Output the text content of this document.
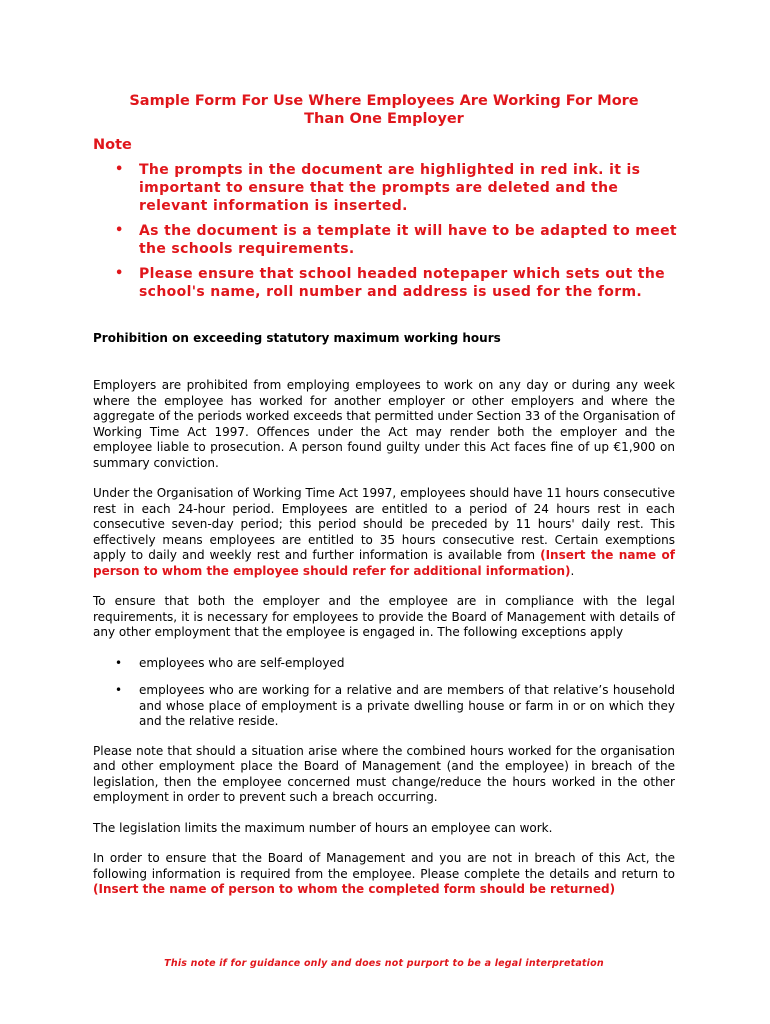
Sample Form For Use Where Employees Are Working For More
Than One Employer
Note
• The prompts in the document are highlighted in red ink. it is important to ensure that the prompts are deleted and the relevant information is inserted.
• As the document is a template it will have to be adapted to meet the schools requirements.
• Please ensure that school headed notepaper which sets out the school's name, roll number and address is used for the form.
Prohibition on exceeding statutory maximum working hours

Employers are prohibited from employing employees to work on any day or during any week where the employee has worked for another employer or other employers and where the aggregate of the periods worked exceeds that permitted under Section 33 of the Organisation of Working Time Act 1997. Offences under the Act may render both the employer and the employee liable to prosecution. A person found guilty under this Act faces fine of up €1,900 on summary conviction.

Under the Organisation of Working Time Act 1997, employees should have 11 hours consecutive rest in each 24-hour period. Employees are entitled to a period of 24 hours rest in each consecutive seven-day period; this period should be preceded by 11 hours' daily rest. This effectively means employees are entitled to 35 hours consecutive rest. Certain exemptions apply to daily and weekly rest and further information is available from (Insert the name of person to whom the employee should refer for additional information).

To ensure that both the employer and the employee are in compliance with the legal requirements, it is necessary for employees to provide the Board of Management with details of any other employment that the employee is engaged in. The following exceptions apply

• employees who are self-employed
• employees who are working for a relative and are members of that relative’s household and whose place of employment is a private dwelling house or farm in or on which they and the relative reside.

Please note that should a situation arise where the combined hours worked for the organisation and other employment place the Board of Management (and the employee) in breach of the legislation, then the employee concerned must change/reduce the hours worked in the other employment in order to prevent such a breach occurring.

The legislation limits the maximum number of hours an employee can work.

In order to ensure that the Board of Management and you are not in breach of this Act, the following information is required from the employee. Please complete the details and return to (Insert the name of person to whom the completed form should be returned)

This note if for guidance only and does not purport to be a legal interpretation
